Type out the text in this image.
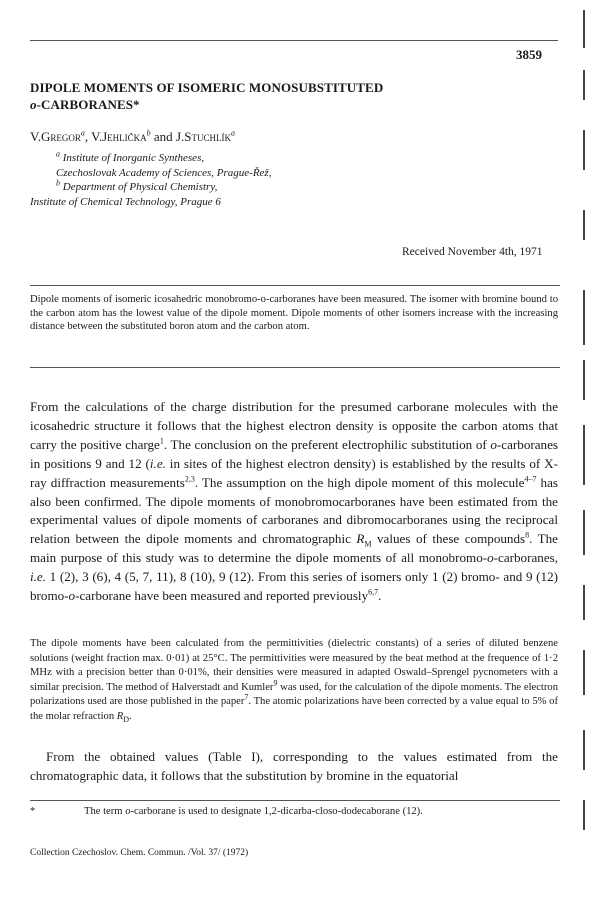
3859
DIPOLE MOMENTS OF ISOMERIC MONOSUBSTITUTED
o-CARBORANES*
V.Gregor$^a$, V.Jehlička$^b$ and J.Stuchlík$^a$
$^a$ Institute of Inorganic Syntheses,
Czechoslovak Academy of Sciences, Prague-Řež,
$^b$ Department of Physical Chemistry,
Institute of Chemical Technology, Prague 6
Received November 4th, 1971
Dipole moments of isomeric icosahedric monobromo-o-carboranes have been measured. The isomer with bromine bound to the carbon atom has the lowest value of the dipole moment. Dipole moments of other isomers increase with the increasing distance between the substituted boron atom and the carbon atom.
From the calculations of the charge distribution for the presumed carborane molecules with the icosahedric structure it follows that the highest electron density is opposite the carbon atoms that carry the positive charge$^1$. The conclusion on the preferent electrophilic substitution of o-carboranes in positions 9 and 12 (i.e. in sites of the highest electron density) is established by the results of X-ray diffraction measurements$^{2,3}$. The assumption on the high dipole moment of this molecule$^{4-7}$ has also been confirmed. The dipole moments of monobromocarboranes have been estimated from the experimental values of dipole moments of carboranes and dibromocarboranes using the reciprocal relation between the dipole moments and chromatographic $R_M$ values of these compounds$^8$. The main purpose of this study was to determine the dipole moments of all monobromo-o-carboranes, i.e. 1 (2), 3 (6), 4 (5, 7, 11), 8 (10), 9 (12). From this series of isomers only 1 (2) bromo- and 9 (12) bromo-o-carborane have been measured and reported previously$^{6,7}$.
The dipole moments have been calculated from the permittivities (dielectric constants) of a series of diluted benzene solutions (weight fraction max. 0·01) at 25°C. The permittivities were measured by the beat method at the frequence of 1·2 MHz with a precision better than 0·01%, their densities were measured in adapted Oswald–Sprengel pycnometers with a similar precision. The method of Halverstadt and Kumler$^9$ was used, for the calculation of the dipole moments. The electron polarizations used are those published in the paper$^7$. The atomic polarizations have been corrected by a value equal to 5% of the molar refraction $R_D$.
From the obtained values (Table I), corresponding to the values estimated from the chromatographic data, it follows that the substitution by bromine in the equatorial
*	The term o-carborane is used to designate 1,2-dicarba-closo-dodecaborane (12).
Collection Czechoslov. Chem. Commun. /Vol. 37/ (1972)
